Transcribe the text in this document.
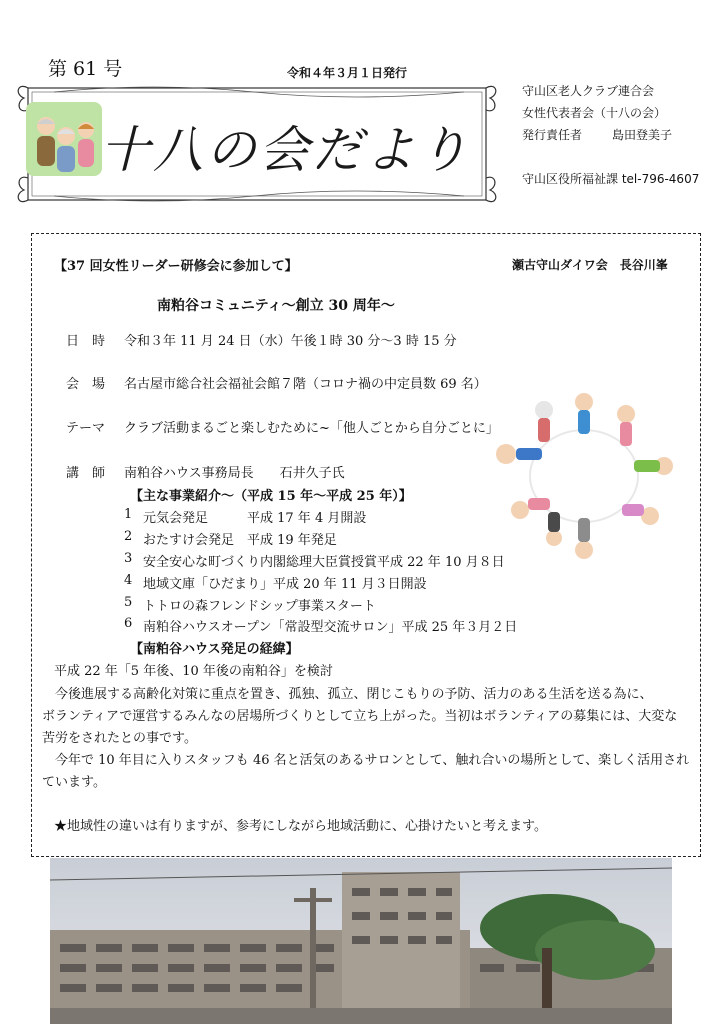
第 61 号	令和４年３月１日発行
十八の会だより
守山区老人クラブ連合会
女性代表者会（十八の会）
発行責任者 島田登美子
守山区役所福祉課 tel-796-4607
【37 回女性リーダー研修会に参加して】	瀬古守山ダイワ会　長谷川峯
南粕谷コミュニティ～創立 30 周年～
日　時 令和３年 11 月 24 日（水）午後１時 30 分～3 時 15 分
会　場 名古屋市総合社会福祉会館７階（コロナ禍の中定員数 69 名）
テーマ クラブ活動まるごと楽しむために~「他人ごとから自分ごとに」
講　師 南粕谷ハウス事務局長　　石井久子氏
【主な事業紹介～（平成 15 年～平成 25 年）】
1 元気会発足　　　平成 17 年 4 月開設
2 おたすけ会発足　平成 19 年発足
3 安全安心な町づくり内閣総理大臣賞授賞平成 22 年 10 月８日
4 地域文庫「ひだまり」平成 20 年 11 月３日開設
5 トトロの森フレンドシップ事業スタート
6 南粕谷ハウスオープン「常設型交流サロン」平成 25 年３月２日
【南粕谷ハウス発足の経緯】
平成 22 年「5 年後、10 年後の南粕谷」を検討
　今後進展する高齢化対策に重点を置き、孤独、孤立、閉じこもりの予防、活力のある生活を送る為に、
ボランティアで運営するみんなの居場所づくりとして立ち上がった。当初はボランティアの募集には、大変な
苦労をされたとの事です。
　今年で 10 年目に入りスタッフも 46 名と活気のあるサロンとして、触れ合いの場所として、楽しく活用され
ています。
★地域性の違いは有りますが、参考にしながら地域活動に、心掛けたいと考えます。
